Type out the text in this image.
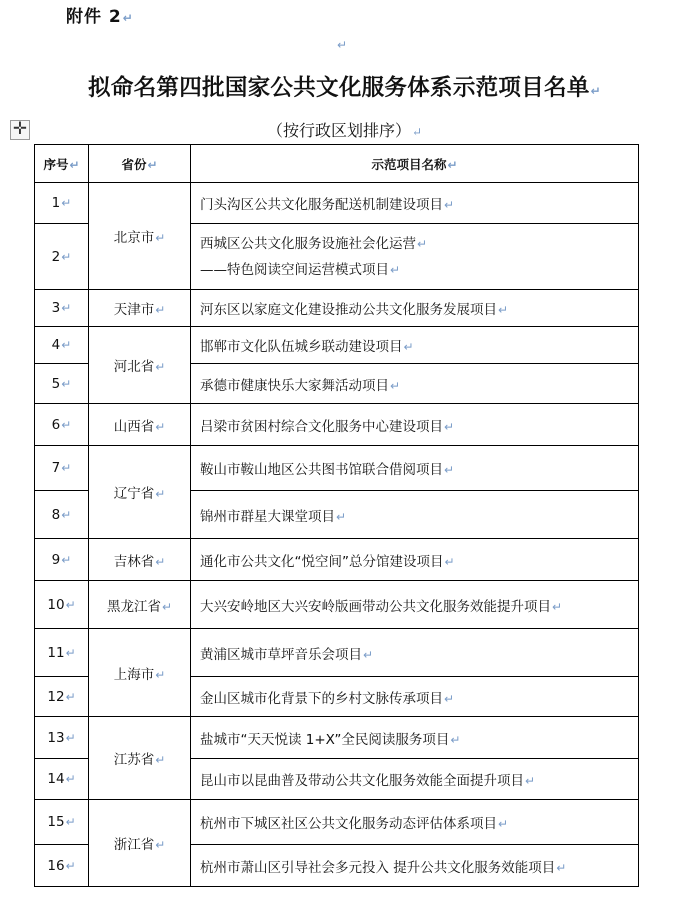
附件 2↵
↵
拟命名第四批国家公共文化服务体系示范项目名单↵
✛	（按行政区划排序）↵
序号↵	省份↵	示范项目名称↵
1↵	北京市↵	门头沟区公共文化服务配送机制建设项目↵
2↵		西城区公共文化服务设施社会化运营↵
——特色阅读空间运营模式项目↵

3↵	天津市↵	河东区以家庭文化建设推动公共文化服务发展项目↵
4↵	河北省↵	邯郸市文化队伍城乡联动建设项目↵
5↵		承德市健康快乐大家舞活动项目↵
6↵	山西省↵	吕梁市贫困村综合文化服务中心建设项目↵
7↵	辽宁省↵	鞍山市鞍山地区公共图书馆联合借阅项目↵
8↵		锦州市群星大课堂项目↵
9↵	吉林省↵	通化市公共文化“悦空间”总分馆建设项目↵
10↵	黑龙江省↵	大兴安岭地区大兴安岭版画带动公共文化服务效能提升项目↵
11↵	上海市↵	黄浦区城市草坪音乐会项目↵
12↵		金山区城市化背景下的乡村文脉传承项目↵
13↵	江苏省↵	盐城市“天天悦读 1+X”全民阅读服务项目↵
14↵		昆山市以昆曲普及带动公共文化服务效能全面提升项目↵
15↵	浙江省↵	杭州市下城区社区公共文化服务动态评估体系项目↵
16↵		杭州市萧山区引导社会多元投入 提升公共文化服务效能项目↵
